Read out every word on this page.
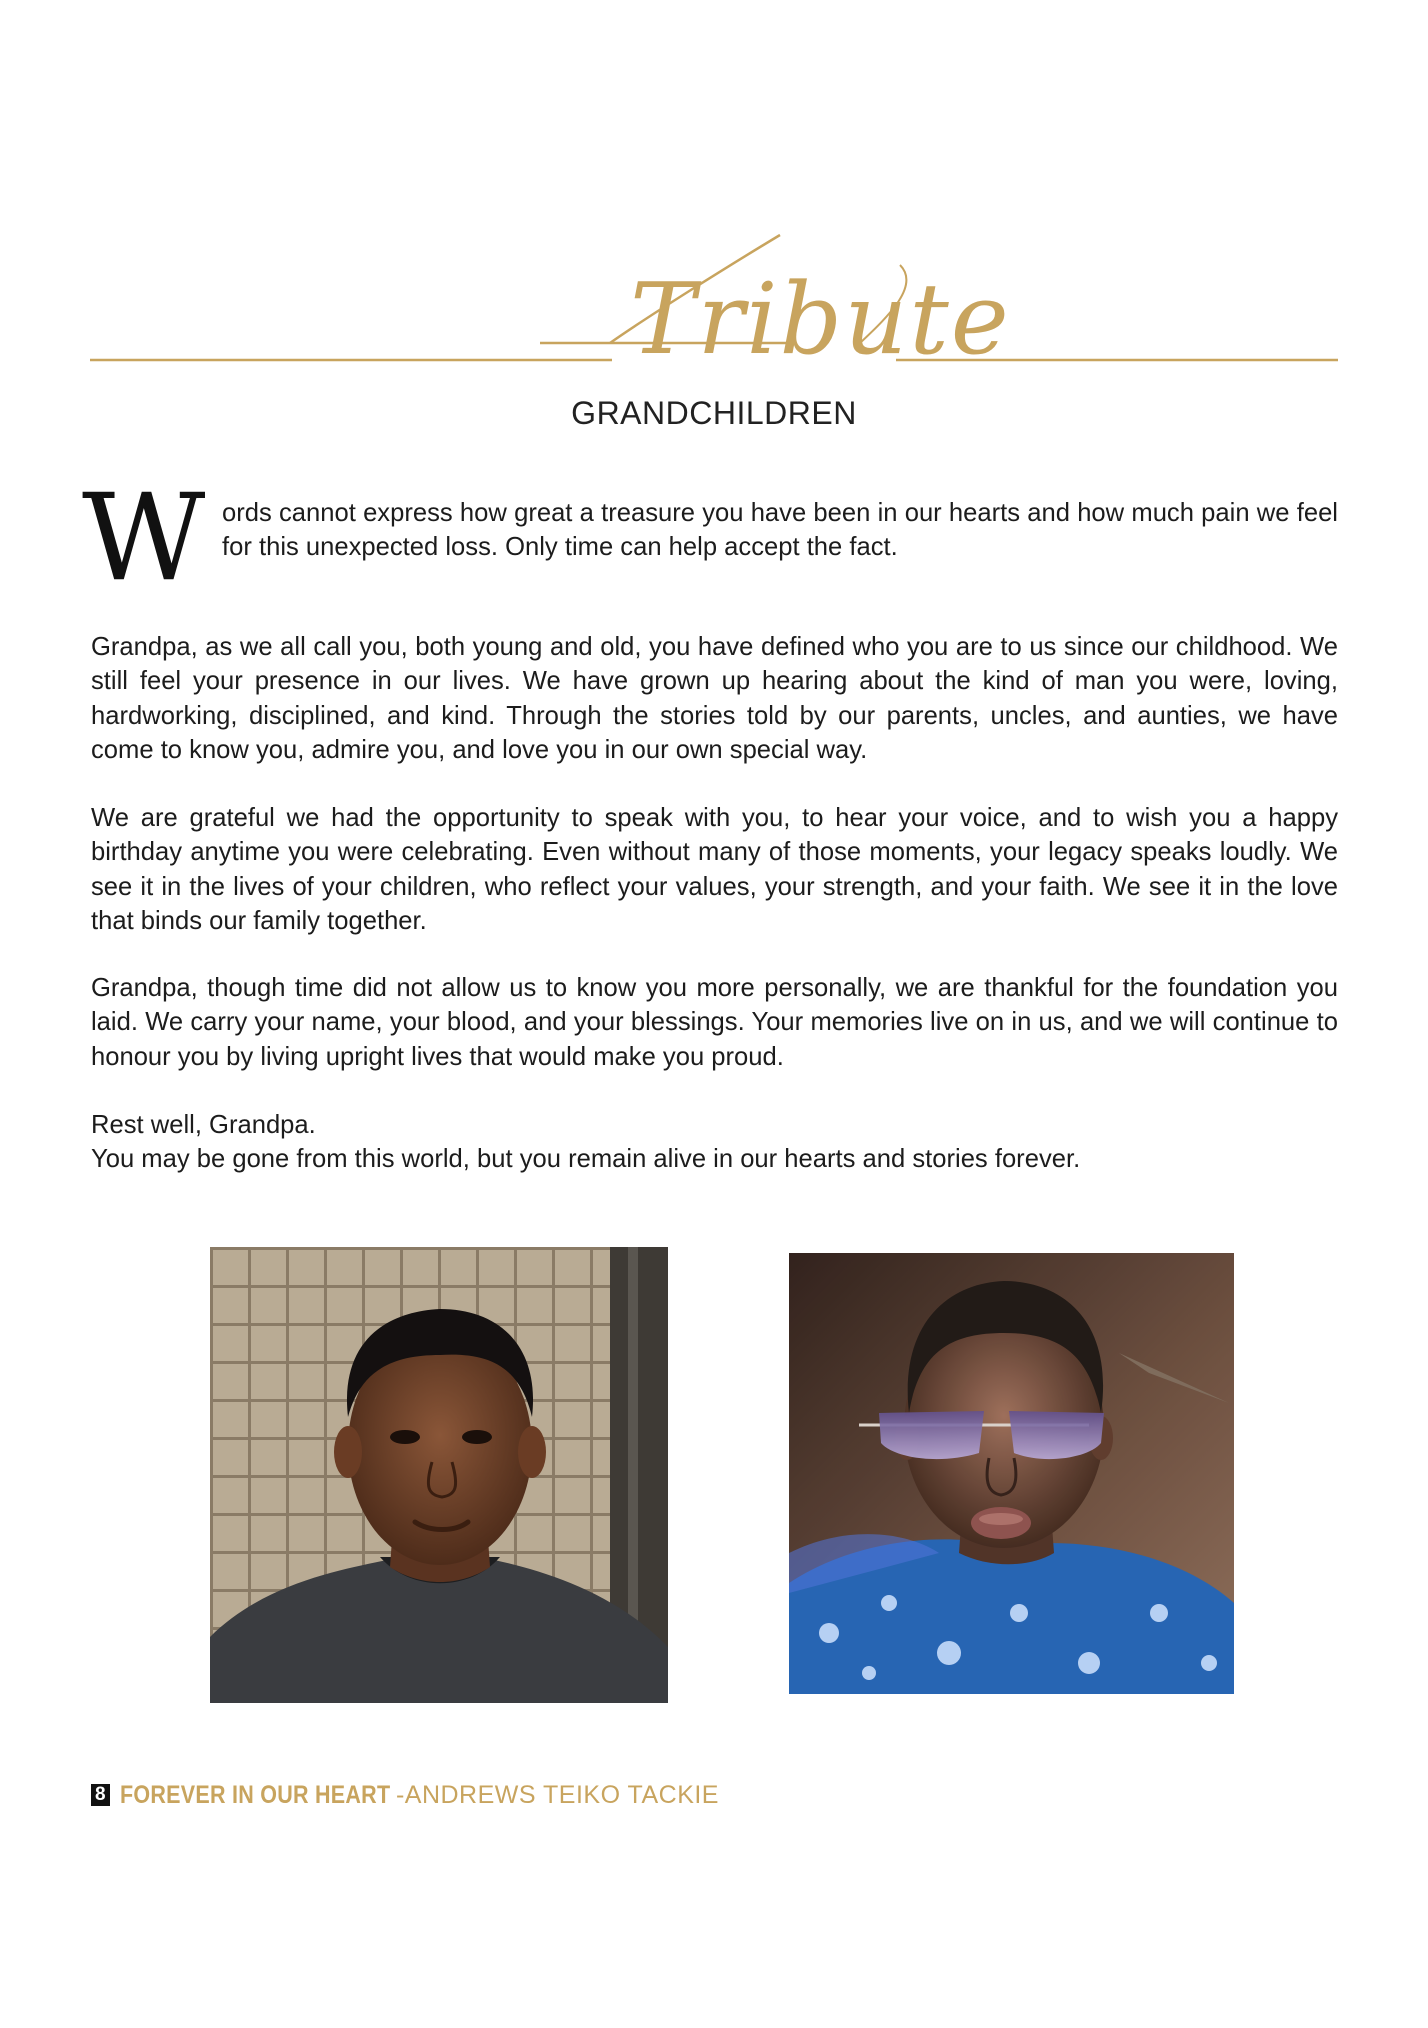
Tribute
GRANDCHILDREN
W ords cannot express how great a treasure you have been in our hearts and how much pain we feel for this unexpected loss. Only time can help accept the fact.

Grandpa, as we all call you, both young and old, you have defined who you are to us since our childhood. We still feel your presence in our lives. We have grown up hearing about the kind of man you were, loving, hardworking, disciplined, and kind. Through the stories told by our parents, uncles, and aunties, we have come to know you, admire you, and love you in our own special way.

We are grateful we had the opportunity to speak with you, to hear your voice, and to wish you a happy birthday anytime you were celebrating. Even without many of those moments, your legacy speaks loudly. We see it in the lives of your children, who reflect your values, your strength, and your faith. We see it in the love that binds our family together.

Grandpa, though time did not allow us to know you more personally, we are thankful for the foundation you laid. We carry your name, your blood, and your blessings. Your memories live on in us, and we will continue to honour you by living upright lives that would make you proud.

Rest well, Grandpa.
You may be gone from this world, but you remain alive in our hearts and stories forever.
8 FOREVER IN OUR HEART -ANDREWS TEIKO TACKIE
